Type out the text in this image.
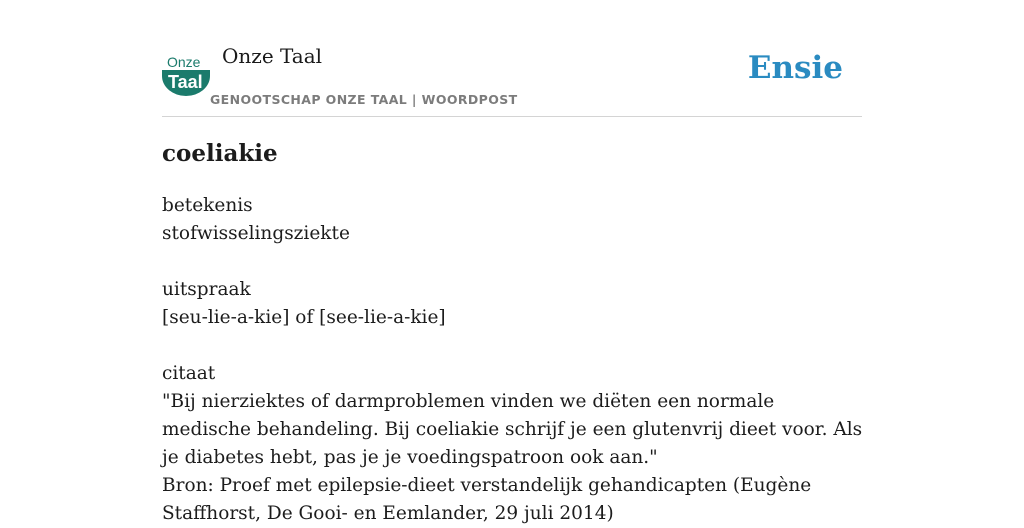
Onze
Taal
Onze Taal
GENOOTSCHAP ONZE TAAL | WOORDPOST
Ensie
coeliakie
betekenis
stofwisselingsziekte
uitspraak
[seu-lie-a-kie] of [see-lie-a-kie]
citaat
"Bij nierziektes of darmproblemen vinden we diëten een normale medische behandeling. Bij coeliakie schrijf je een glutenvrij dieet voor. Als je diabetes hebt, pas je je voedingspatroon ook aan."
Bron: Proef met epilepsie-dieet verstandelijk gehandicapten (Eugène Staffhorst, De Gooi- en Eemlander, 29 juli 2014)
